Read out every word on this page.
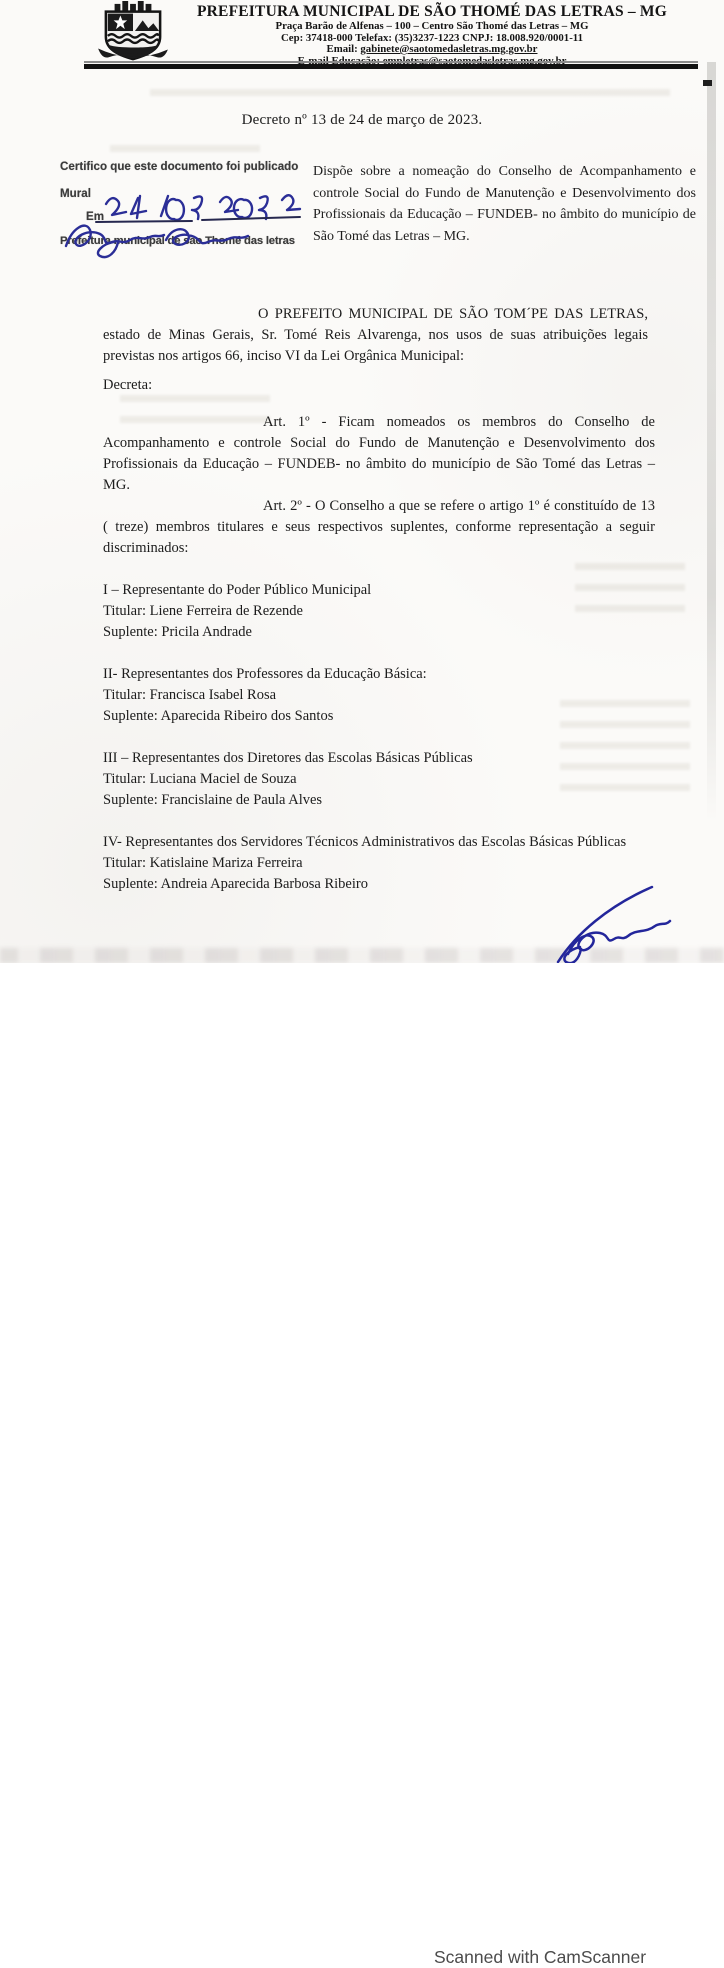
PREFEITURA MUNICIPAL DE SÃO THOMÉ DAS LETRAS – MG
Praça Barão de Alfenas – 100 – Centro São Thomé das Letras – MG
Cep: 37418-000 Telefax: (35)3237-1223 CNPJ: 18.008.920/0001-11
Email: gabinete@saotomedasletras.mg.gov.br
Decreto nº 13 de 24 de março de 2023.
Certifico que este documento foi publicado
Mural
Em
Prefeitura municipal de são Thomé das letras
Dispõe sobre a nomeação do Conselho de Acompanhamento e controle Social do Fundo de Manutenção e Desenvolvimento dos Profissionais da Educação – FUNDEB- no âmbito do município de São Tomé das Letras – MG.

O PREFEITO MUNICIPAL DE SÃO TOM´PE DAS LETRAS, estado de Minas Gerais, Sr. Tomé Reis Alvarenga, nos usos de suas atribuições legais previstas nos artigos 66, inciso VI da Lei Orgânica Municipal:

Decreta:

Art. 1º - Ficam nomeados os membros do Conselho de Acompanhamento e controle Social do Fundo de Manutenção e Desenvolvimento dos Profissionais da Educação – FUNDEB- no âmbito do município de São Tomé das Letras – MG.

Art. 2º - O Conselho a que se refere o artigo 1º é constituído de 13 ( treze) membros titulares e seus respectivos suplentes, conforme representação a seguir discriminados:

I – Representante do Poder Público Municipal
Titular: Liene Ferreira de Rezende
Suplente: Pricila Andrade
II- Representantes dos Professores da Educação Básica:
Titular: Francisca Isabel Rosa
Suplente: Aparecida Ribeiro dos Santos
III – Representantes dos Diretores das Escolas Básicas Públicas
Titular: Luciana Maciel de Souza
Suplente: Francislaine de Paula Alves
IV- Representantes dos Servidores Técnicos Administrativos das Escolas Básicas Públicas
Titular: Katislaine Mariza Ferreira
Suplente: Andreia Aparecida Barbosa Ribeiro
Scanned with CamScanner
